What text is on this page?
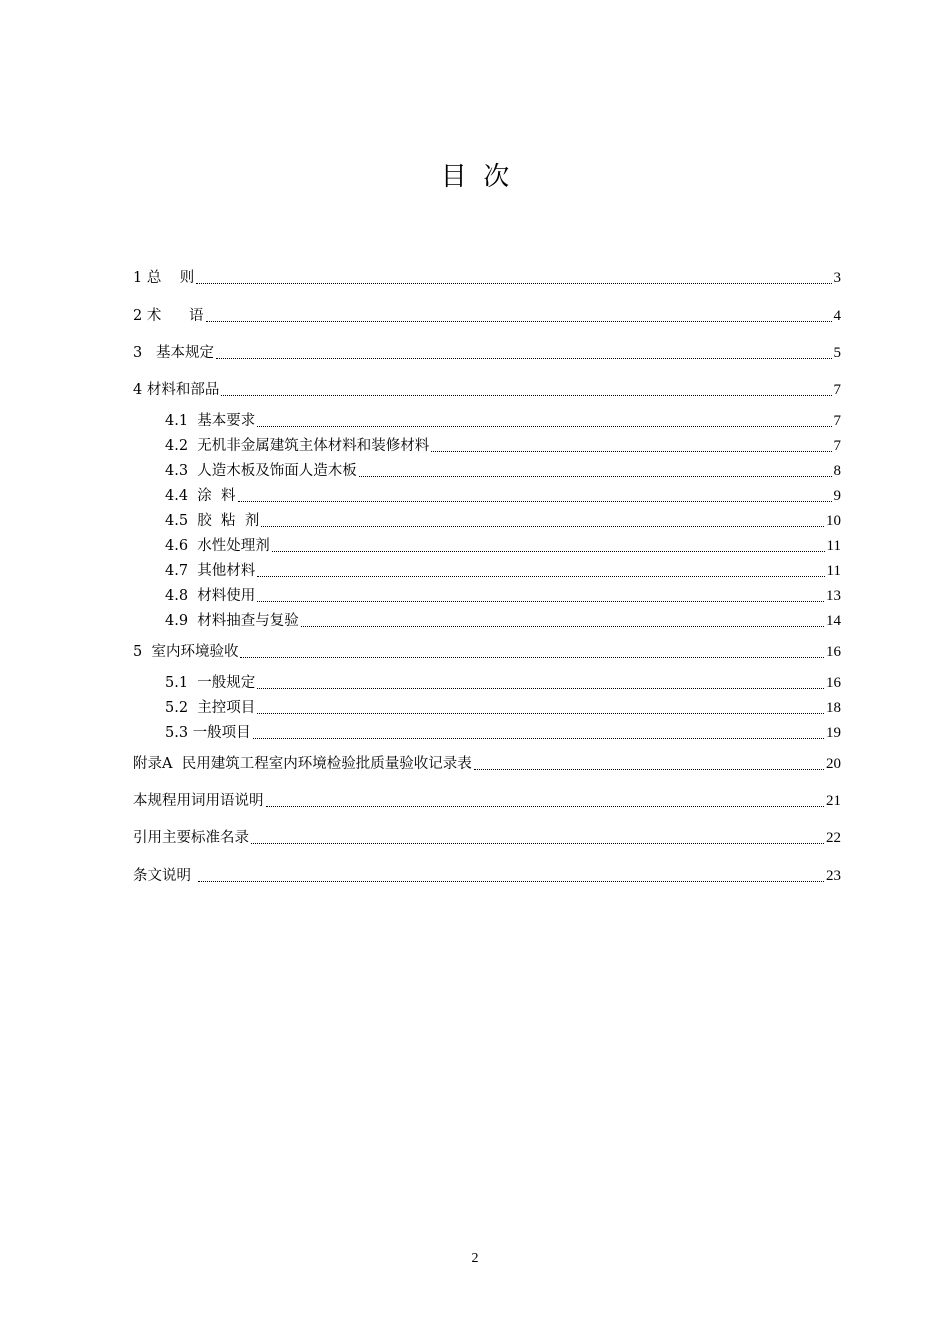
目  次
1 总    则	3
2 术      语	4
3   基本规定	5
4 材料和部品	7
4.1  基本要求	7
4.2  无机非金属建筑主体材料和装修材料	7
4.3  人造木板及饰面人造木板	8
4.4  涂  料	9
4.5  胶  粘  剂	10
4.6  水性处理剂	11
4.7  其他材料	11
4.8  材料使用	13
4.9  材料抽查与复验	14
5  室内环境验收	16
5.1  一般规定	16
5.2  主控项目	18
5.3 一般项目	19
附录A  民用建筑工程室内环境检验批质量验收记录表	20
本规程用词用语说明	21
引用主要标准名录	22
条文说明	23
2
